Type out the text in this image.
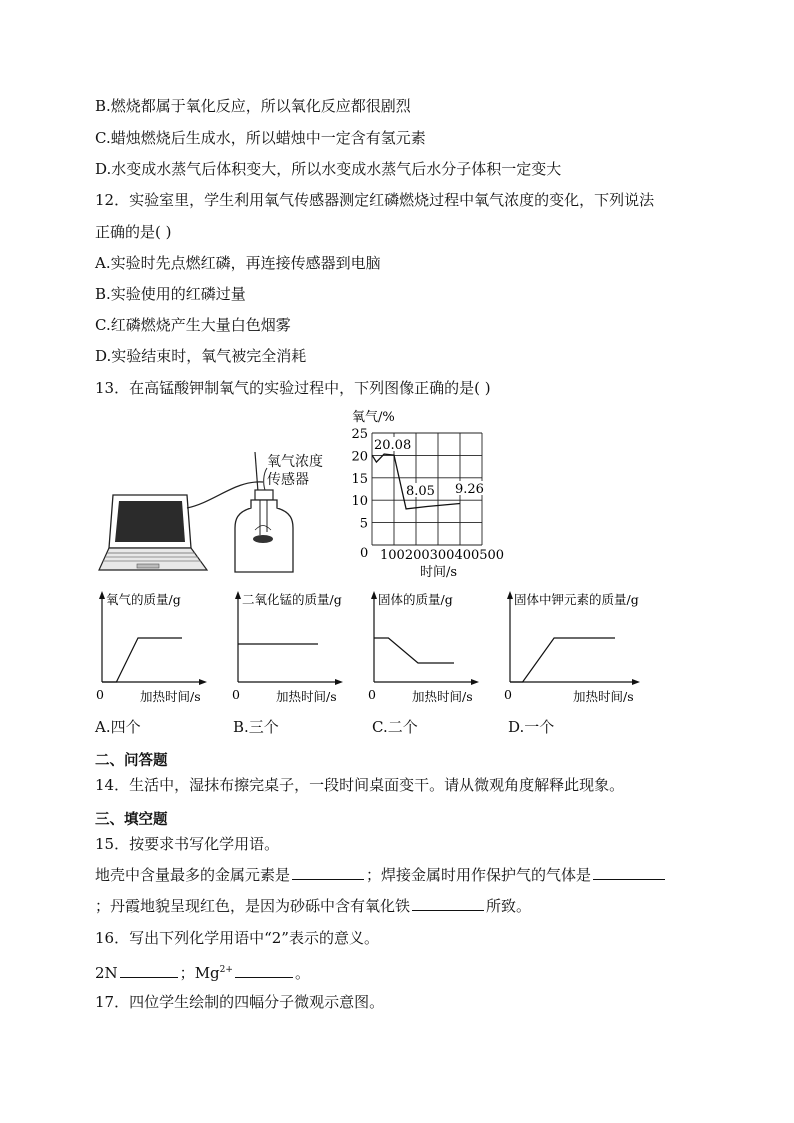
B.燃烧都属于氧化反应，所以氧化反应都很剧烈
C.蜡烛燃烧后生成水，所以蜡烛中一定含有氢元素
D.水变成水蒸气后体积变大，所以水变成水蒸气后水分子体积一定变大
12．实验室里，学生利用氧气传感器测定红磷燃烧过程中氧气浓度的变化，下列说法
正确的是( )
A.实验时先点燃红磷，再连接传感器到电脑
B.实验使用的红磷过量
C.红磷燃烧产生大量白色烟雾
D.实验结束时，氧气被完全消耗
13．在高锰酸钾制氧气的实验过程中，下列图像正确的是( )
氧气浓度
传感器
25
20
15
10
5
氧气/%
0 100200300400500
时间/s
20.08
8.05 9.26
氧气的质量/g
0	加热时间/s
二氧化锰的质量/g
0	加热时间/s
固体的质量/g
0	加热时间/s
固体中钾元素的质量/g
0	加热时间/s
A.四个	B.三个	C.二个	D.一个
二、问答题
14．生活中，湿抹布擦完桌子，一段时间桌面变干。请从微观角度解释此现象。
三、填空题
15．按要求书写化学用语。
地壳中含量最多的金属元素是	；焊接金属时用作保护气的气体是
；丹霞地貌呈现红色，是因为砂砾中含有氧化铁	所致。
16．写出下列化学用语中“2”表示的意义。
2N	；$Mg^{2+}$	。
17．四位学生绘制的四幅分子微观示意图。
